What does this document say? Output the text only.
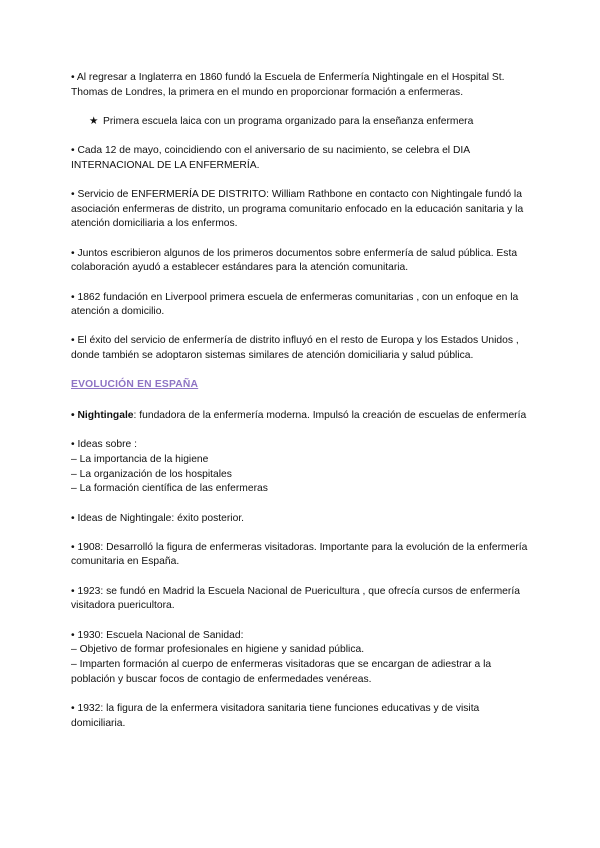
• Al regresar a Inglaterra en 1860 fundó la Escuela de Enfermería Nightingale en el Hospital St. Thomas de Londres, la primera en el mundo en proporcionar formación a enfermeras.

★ Primera escuela laica con un programa organizado para la enseñanza enfermera

• Cada 12 de mayo, coincidiendo con el aniversario de su nacimiento, se celebra el DIA INTERNACIONAL DE LA ENFERMERÍA.

• Servicio de ENFERMERÍA DE DISTRITO: William Rathbone en contacto con Nightingale fundó la asociación enfermeras de distrito, un programa comunitario enfocado en la educación sanitaria y la atención domiciliaria a los enfermos.

• Juntos escribieron algunos de los primeros documentos sobre enfermería de salud pública. Esta colaboración ayudó a establecer estándares para la atención comunitaria.

• 1862 fundación en Liverpool primera escuela de enfermeras comunitarias , con un enfoque en la atención a domicilio.

• El éxito del servicio de enfermería de distrito influyó en el resto de Europa y los Estados Unidos , donde también se adoptaron sistemas similares de atención domiciliaria y salud pública.

EVOLUCIÓN EN ESPAÑA

• Nightingale: fundadora de la enfermería moderna. Impulsó la creación de escuelas de enfermería

• Ideas sobre :

– La importancia de la higiene

– La organización de los hospitales

– La formación científica de las enfermeras

• Ideas de Nightingale: éxito posterior.

• 1908: Desarrolló la figura de enfermeras visitadoras. Importante para la evolución de la enfermería comunitaria en España.

• 1923: se fundó en Madrid la Escuela Nacional de Puericultura , que ofrecía cursos de enfermería visitadora puericultora.

• 1930: Escuela Nacional de Sanidad:

– Objetivo de formar profesionales en higiene y sanidad pública.

– Imparten formación al cuerpo de enfermeras visitadoras que se encargan de adiestrar a la población y buscar focos de contagio de enfermedades venéreas.

• 1932: la figura de la enfermera visitadora sanitaria tiene funciones educativas y de visita domiciliaria.
